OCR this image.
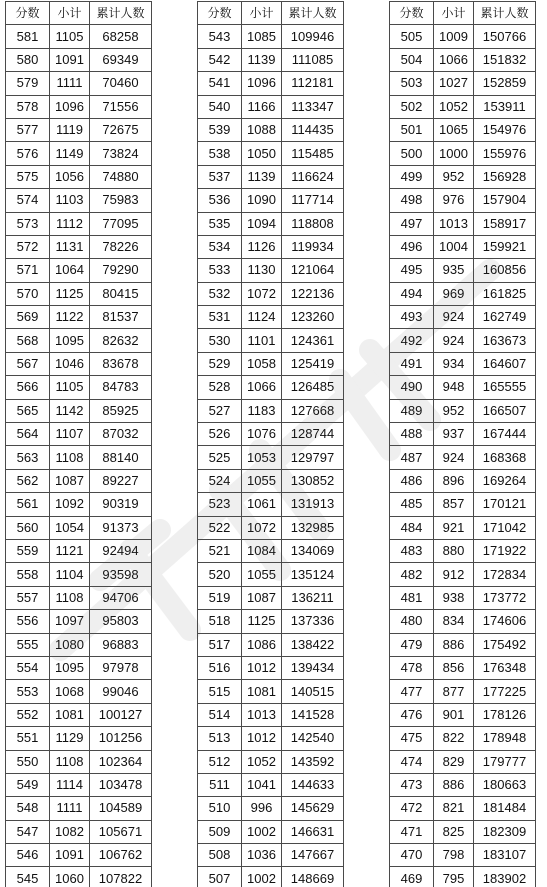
分数	小计	累计人数
581	1105	68258
580	1091	69349
579	1111	70460
578	1096	71556
577	1119	72675
576	1149	73824
575	1056	74880
574	1103	75983
573	1112	77095
572	1131	78226
571	1064	79290
570	1125	80415
569	1122	81537
568	1095	82632
567	1046	83678
566	1105	84783
565	1142	85925
564	1107	87032
563	1108	88140
562	1087	89227
561	1092	90319
560	1054	91373
559	1121	92494
558	1104	93598
557	1108	94706
556	1097	95803
555	1080	96883
554	1095	97978
553	1068	99046
552	1081	100127
551	1129	101256
550	1108	102364
549	1114	103478
548	1111	104589
547	1082	105671
546	1091	106762
545	1060	107822
分数	小计	累计人数
543	1085	109946
542	1139	111085
541	1096	112181
540	1166	113347
539	1088	114435
538	1050	115485
537	1139	116624
536	1090	117714
535	1094	118808
534	1126	119934
533	1130	121064
532	1072	122136
531	1124	123260
530	1101	124361
529	1058	125419
528	1066	126485
527	1183	127668
526	1076	128744
525	1053	129797
524	1055	130852
523	1061	131913
522	1072	132985
521	1084	134069
520	1055	135124
519	1087	136211
518	1125	137336
517	1086	138422
516	1012	139434
515	1081	140515
514	1013	141528
513	1012	142540
512	1052	143592
511	1041	144633
510	996	145629
509	1002	146631
508	1036	147667
507	1002	148669
分数	小计	累计人数
505	1009	150766
504	1066	151832
503	1027	152859
502	1052	153911
501	1065	154976
500	1000	155976
499	952	156928
498	976	157904
497	1013	158917
496	1004	159921
495	935	160856
494	969	161825
493	924	162749
492	924	163673
491	934	164607
490	948	165555
489	952	166507
488	937	167444
487	924	168368
486	896	169264
485	857	170121
484	921	171042
483	880	171922
482	912	172834
481	938	173772
480	834	174606
479	886	175492
478	856	176348
477	877	177225
476	901	178126
475	822	178948
474	829	179777
473	886	180663
472	821	181484
471	825	182309
470	798	183107
469	795	183902
